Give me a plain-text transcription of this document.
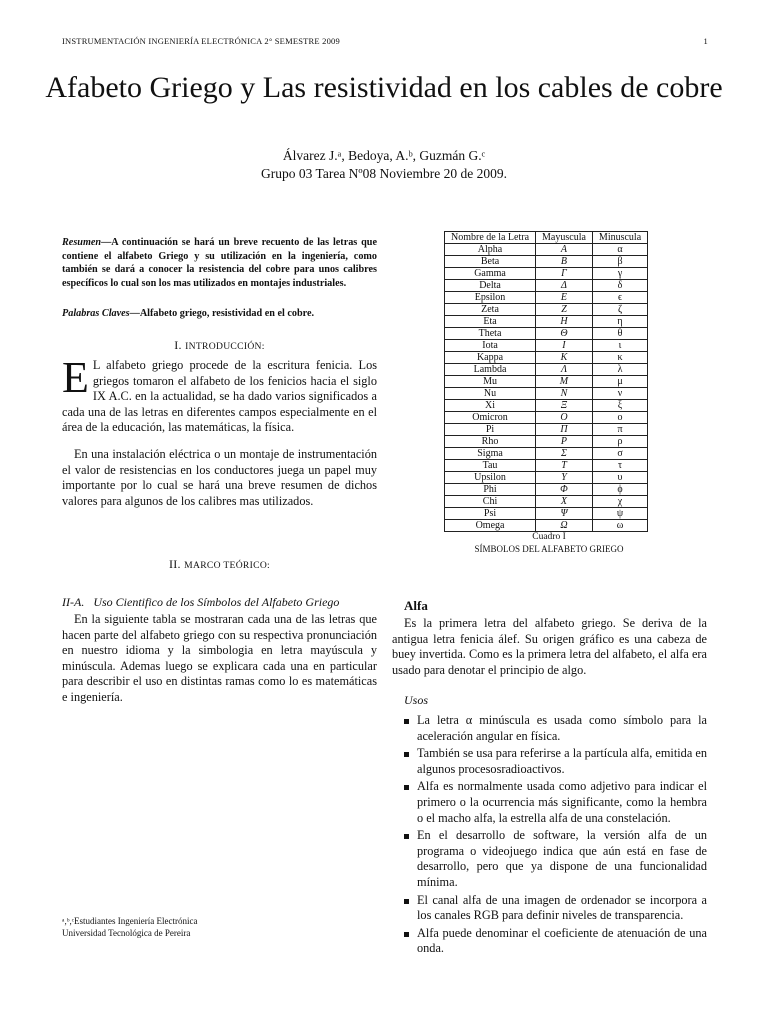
INSTRUMENTACIÓN INGENIERÍA ELECTRÓNICA 2° SEMESTRE 2009	1
Afabeto Griego y Las resistividad en los cables de cobre
Álvarez J.ᵃ, Bedoya, A.ᵇ, Guzmán G.ᶜ
Grupo 03 Tarea Nº08 Noviembre 20 de 2009.
Resumen—A continuación se hará un breve recuento de las letras que contiene el alfabeto Griego y su utilización en la ingeniería, como también se dará a conocer la resistencia del cobre para unos calibres específicos lo cual son los mas utilizados en montajes industriales.
Palabras Claves—Alfabeto griego, resistividad en el cobre.
I. INTRODUCCIÓN:
E L alfabeto griego procede de la escritura fenicia. Los griegos tomaron el alfabeto de los fenicios hacia el siglo IX A.C. en la actualidad, se ha dado varios significados a cada una de las letras en diferentes campos especialmente en el área de la educación, las matemáticas, la física.
En una instalación eléctrica o un montaje de instrumentación el valor de resistencias en los conductores juega un papel muy importante por lo cual se hará una breve resumen de dichos valores para algunos de los calibres mas utilizados.
II. MARCO TEÓRICO:
II-A.   Uso Cientifico de los Símbolos del Alfabeto Griego
En la siguiente tabla se mostraran cada una de las letras que hacen parte del alfabeto griego con su respectiva pronunciación en nuestro idioma y la simbologia en letra mayúscula y minúscula. Ademas luego se explicara cada una en particular para describir el uso en distintas ramas como lo es matemáticas e ingeniería.
ᵃ,ᵇ,ᶜEstudiantes Ingeniería Electrónica
Universidad Tecnológica de Pereira
Nombre de la Letra	Mayuscula	Minuscula
Alpha	A	α
Beta	B	β
Gamma	Γ	γ
Delta	Δ	δ
Epsilon	E	ϵ
Zeta	Z	ζ
Eta	H	η
Theta	Θ	θ
Iota	I	ι
Kappa	K	κ
Lambda	Λ	λ
Mu	M	μ
Nu	N	ν
Xi	Ξ	ξ
Omicron	O	o
Pi	Π	π
Rho	P	ρ
Sigma	Σ	σ
Tau	T	τ
Upsilon	Υ	υ
Phi	Φ	ϕ
Chi	X	χ
Psi	Ψ	ψ
Omega	Ω	ω
Cuadro I
SÍMBOLOS DEL ALFABETO GRIEGO
Alfa
Es la primera letra del alfabeto griego. Se deriva de la antigua letra fenicia álef. Su origen gráfico es una cabeza de buey invertida. Como es la primera letra del alfabeto, el alfa era usado para denotar el principio de algo.
Usos
La letra α minúscula es usada como símbolo para la aceleración angular en física.
También se usa para referirse a la partícula alfa, emitida en algunos procesosradioactivos.
Alfa es normalmente usada como adjetivo para indicar el primero o la ocurrencia más significante, como la hembra o el macho alfa, la estrella alfa de una constelación.
En el desarrollo de software, la versión alfa de un programa o videojuego indica que aún está en fase de desarrollo, pero que ya dispone de una funcionalidad mínima.
El canal alfa de una imagen de ordenador se incorpora a los canales RGB para definir niveles de transparencia.
Alfa puede denominar el coeficiente de atenuación de una onda.
